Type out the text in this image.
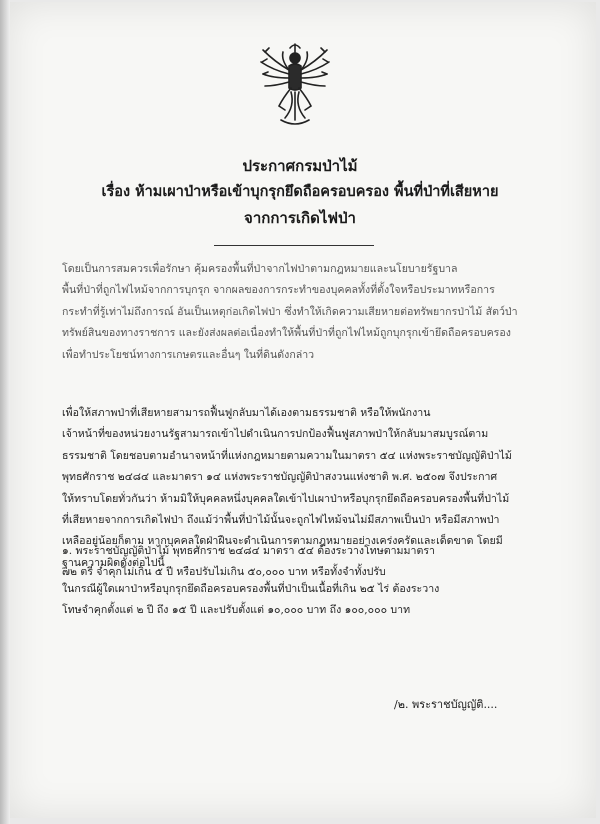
ประกาศกรมป่าไม้
เรื่อง ห้ามเผาป่าหรือเข้าบุกรุกยึดถือครอบครอง พื้นที่ป่าที่เสียหาย
จากการเกิดไฟป่า
โดยเป็นการสมควรเพื่อรักษา คุ้มครองพื้นที่ป่าจากไฟป่าตามกฎหมายและนโยบายรัฐบาล
พื้นที่ป่าที่ถูกไฟไหม้จากการบุกรุก จากผลของการกระทำของบุคคลทั้งที่ตั้งใจหรือประมาทหรือการ
กระทำที่รู้เท่าไม่ถึงการณ์ อันเป็นเหตุก่อเกิดไฟป่า ซึ่งทำให้เกิดความเสียหายต่อทรัพยากรป่าไม้ สัตว์ป่า
ทรัพย์สินของทางราชการ และยังส่งผลต่อเนื่องทำให้พื้นที่ป่าที่ถูกไฟไหม้ถูกบุกรุกเข้ายึดถือครอบครอง
เพื่อทำประโยชน์ทางการเกษตรและอื่นๆ ในที่ดินดังกล่าว
เพื่อให้สภาพป่าที่เสียหายสามารถฟื้นฟูกลับมาได้เองตามธรรมชาติ หรือให้พนักงาน
เจ้าหน้าที่ของหน่วยงานรัฐสามารถเข้าไปดำเนินการปกป้องฟื้นฟูสภาพป่าให้กลับมาสมบูรณ์ตาม
ธรรมชาติ โดยชอบตามอำนาจหน้าที่แห่งกฎหมายตามความในมาตรา ๕๔ แห่งพระราชบัญญัติป่าไม้
พุทธศักราช ๒๔๘๔ และมาตรา ๑๔ แห่งพระราชบัญญัติป่าสงวนแห่งชาติ พ.ศ. ๒๕๐๗ จึงประกาศ
ให้ทราบโดยทั่วกันว่า ห้ามมิให้บุคคลหนึ่งบุคคลใดเข้าไปเผาป่าหรือบุกรุกยึดถือครอบครองพื้นที่ป่าไม้
ที่เสียหายจากการเกิดไฟป่า ถึงแม้ว่าพื้นที่ป่าไม้นั้นจะถูกไฟไหม้จนไม่มีสภาพเป็นป่า หรือมีสภาพป่า
เหลืออยู่น้อยก็ตาม หากบุคคลใดฝ่าฝืนจะดำเนินการตามกฎหมายอย่างเคร่งครัดและเด็ดขาด โดยมี
ฐานความผิดดังต่อไปนี้
๑. พระราชบัญญัติป่าไม้ พุทธศักราช ๒๔๘๔ มาตรา ๕๔ ต้องระวางโทษตามมาตรา
๗๒ ตรี จำคุกไม่เกิน ๕ ปี หรือปรับไม่เกิน ๕๐,๐๐๐ บาท หรือทั้งจำทั้งปรับ
ในกรณีผู้ใดเผาป่าหรือบุกรุกยึดถือครอบครองพื้นที่ป่าเป็นเนื้อที่เกิน ๒๕ ไร่ ต้องระวาง
โทษจำคุกตั้งแต่ ๒ ปี ถึง ๑๕ ปี และปรับตั้งแต่ ๑๐,๐๐๐ บาท ถึง ๑๐๐,๐๐๐ บาท
/๒. พระราชบัญญัติ....
